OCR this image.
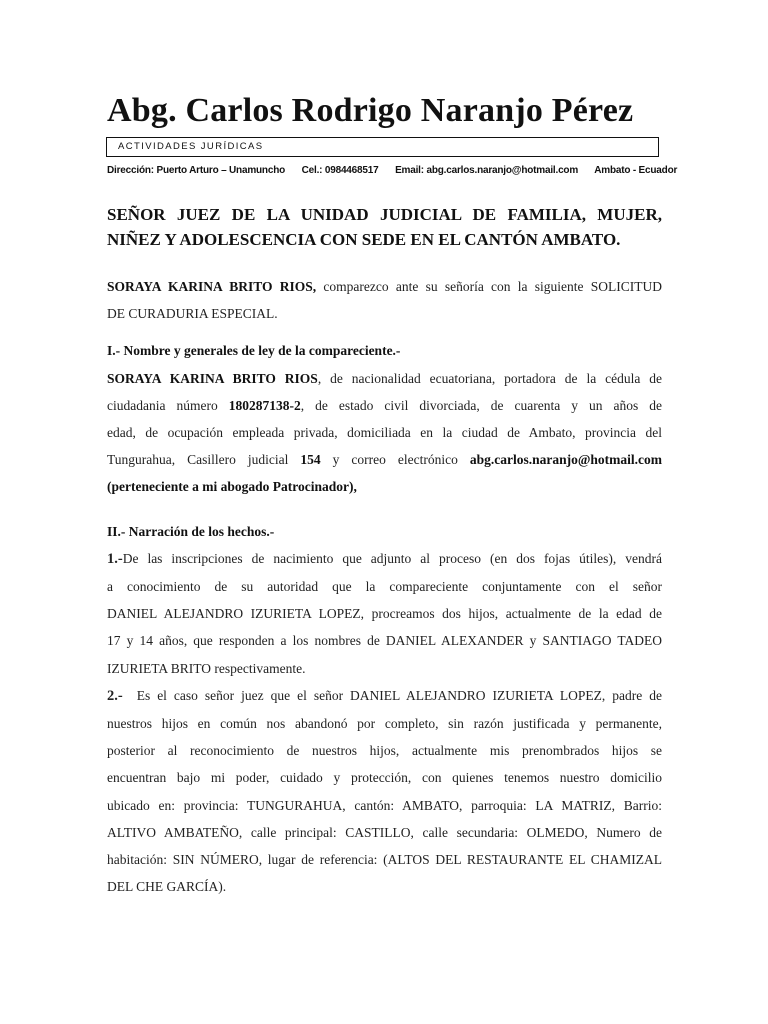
Abg. Carlos Rodrigo Naranjo Pérez
ACTIVIDADES JURÍDICAS
Dirección: Puerto Arturo – Unamuncho Cel.: 0984468517 Email: abg.carlos.naranjo@hotmail.com Ambato - Ecuador
SEÑOR JUEZ DE LA UNIDAD JUDICIAL DE FAMILIA, MUJER,
NIÑEZ Y ADOLESCENCIA CON SEDE EN EL CANTÓN AMBATO.
SORAYA KARINA BRITO RIOS, comparezco ante su señoría con la siguiente SOLICITUD
DE CURADURIA ESPECIAL.
I.- Nombre y generales de ley de la compareciente.-
SORAYA KARINA BRITO RIOS, de nacionalidad ecuatoriana, portadora de la cédula de
ciudadania número 180287138-2, de estado civil divorciada, de cuarenta y un años de
edad, de ocupación empleada privada, domiciliada en la ciudad de Ambato, provincia del
Tungurahua, Casillero judicial 154 y correo electrónico abg.carlos.naranjo@hotmail.com
(perteneciente a mi abogado Patrocinador),
II.- Narración de los hechos.-
1.-De las inscripciones de nacimiento que adjunto al proceso (en dos fojas útiles), vendrá
a conocimiento de su autoridad que la compareciente conjuntamente con el señor
DANIEL ALEJANDRO IZURIETA LOPEZ, procreamos dos hijos, actualmente de la edad de
17 y 14 años, que responden a los nombres de DANIEL ALEXANDER y SANTIAGO TADEO
IZURIETA BRITO respectivamente.
2.-  Es el caso señor juez que el señor DANIEL ALEJANDRO IZURIETA LOPEZ, padre de
nuestros hijos en común nos abandonó por completo, sin razón justificada y permanente,
posterior al reconocimiento de nuestros hijos, actualmente mis prenombrados hijos se
encuentran bajo mi poder, cuidado y protección, con quienes tenemos nuestro domicilio
ubicado en: provincia: TUNGURAHUA, cantón: AMBATO, parroquia: LA MATRIZ, Barrio:
ALTIVO AMBATEÑO, calle principal: CASTILLO, calle secundaria: OLMEDO, Numero de
habitación: SIN NÚMERO, lugar de referencia: (ALTOS DEL RESTAURANTE EL CHAMIZAL
DEL CHE GARCÍA).
